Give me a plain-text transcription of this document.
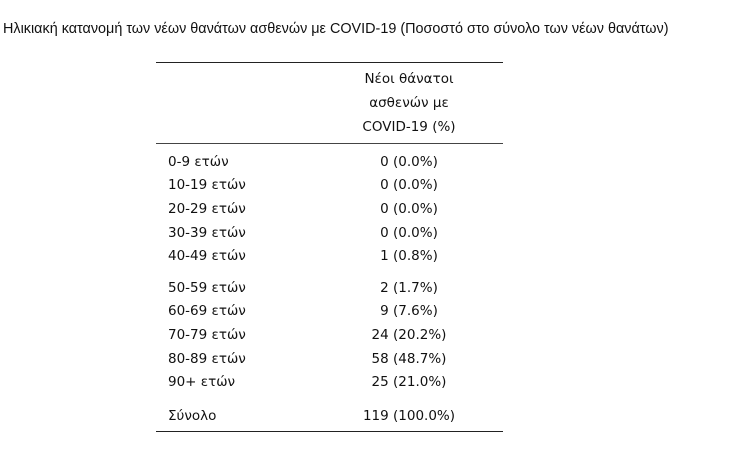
Ηλικιακή κατανομή των νέων θανάτων ασθενών με COVID-19 (Ποσοστό στο σύνολο των νέων θανάτων)
Νέοι θάνατοι
ασθενών με
COVID-19 (%)
0-9 ετών	0 (0.0%)
10-19 ετών	0 (0.0%)
20-29 ετών	0 (0.0%)
30-39 ετών	0 (0.0%)
40-49 ετών	1 (0.8%)
50-59 ετών	2 (1.7%)
60-69 ετών	9 (7.6%)
70-79 ετών	24 (20.2%)
80-89 ετών	58 (48.7%)
90+ ετών	25 (21.0%)
Σύνολο	119 (100.0%)
